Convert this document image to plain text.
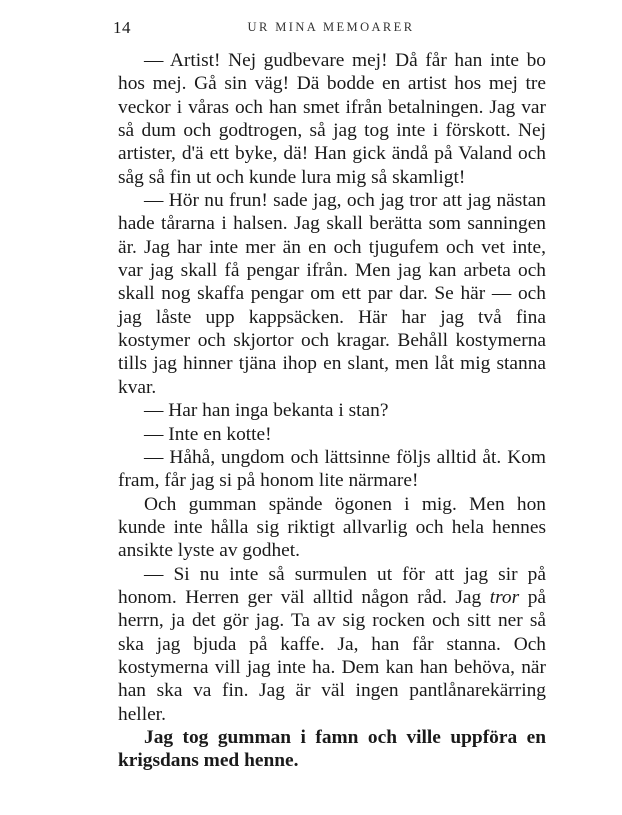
14	UR MINA MEMOARER

— Artist! Nej gudbevare mej! Då får han inte bo hos mej. Gå sin väg! Dä bodde en artist hos mej tre veckor i våras och han smet ifrån betalningen. Jag var så dum och godtrogen, så jag tog inte i förskott. Nej artister, d'ä ett byke, dä! Han gick ändå på Valand och såg så fin ut och kunde lura mig så skamligt!

— Hör nu frun! sade jag, och jag tror att jag nästan hade tårarna i halsen. Jag skall berätta som sanningen är. Jag har inte mer än en och tjugufem och vet inte, var jag skall få pengar ifrån. Men jag kan arbeta och skall nog skaffa pengar om ett par dar. Se här — och jag låste upp kappsäcken. Här har jag två fina kostymer och skjortor och kragar. Behåll kostymerna tills jag hinner tjäna ihop en slant, men låt mig stanna kvar.

— Har han inga bekanta i stan?

— Inte en kotte!

— Håhå, ungdom och lättsinne följs alltid åt. Kom fram, får jag si på honom lite närmare!

Och gumman spände ögonen i mig. Men hon kunde inte hålla sig riktigt allvarlig och hela hennes ansikte lyste av godhet.

— Si nu inte så surmulen ut för att jag sir på honom. Herren ger väl alltid någon råd. Jag tror på herrn, ja det gör jag. Ta av sig rocken och sitt ner så ska jag bjuda på kaffe. Ja, han får stanna. Och kostymerna vill jag inte ha. Dem kan han behöva, när han ska va fin. Jag är väl ingen pantlånarekärring heller.

Jag tog gumman i famn och ville uppföra en krigsdans med henne.
